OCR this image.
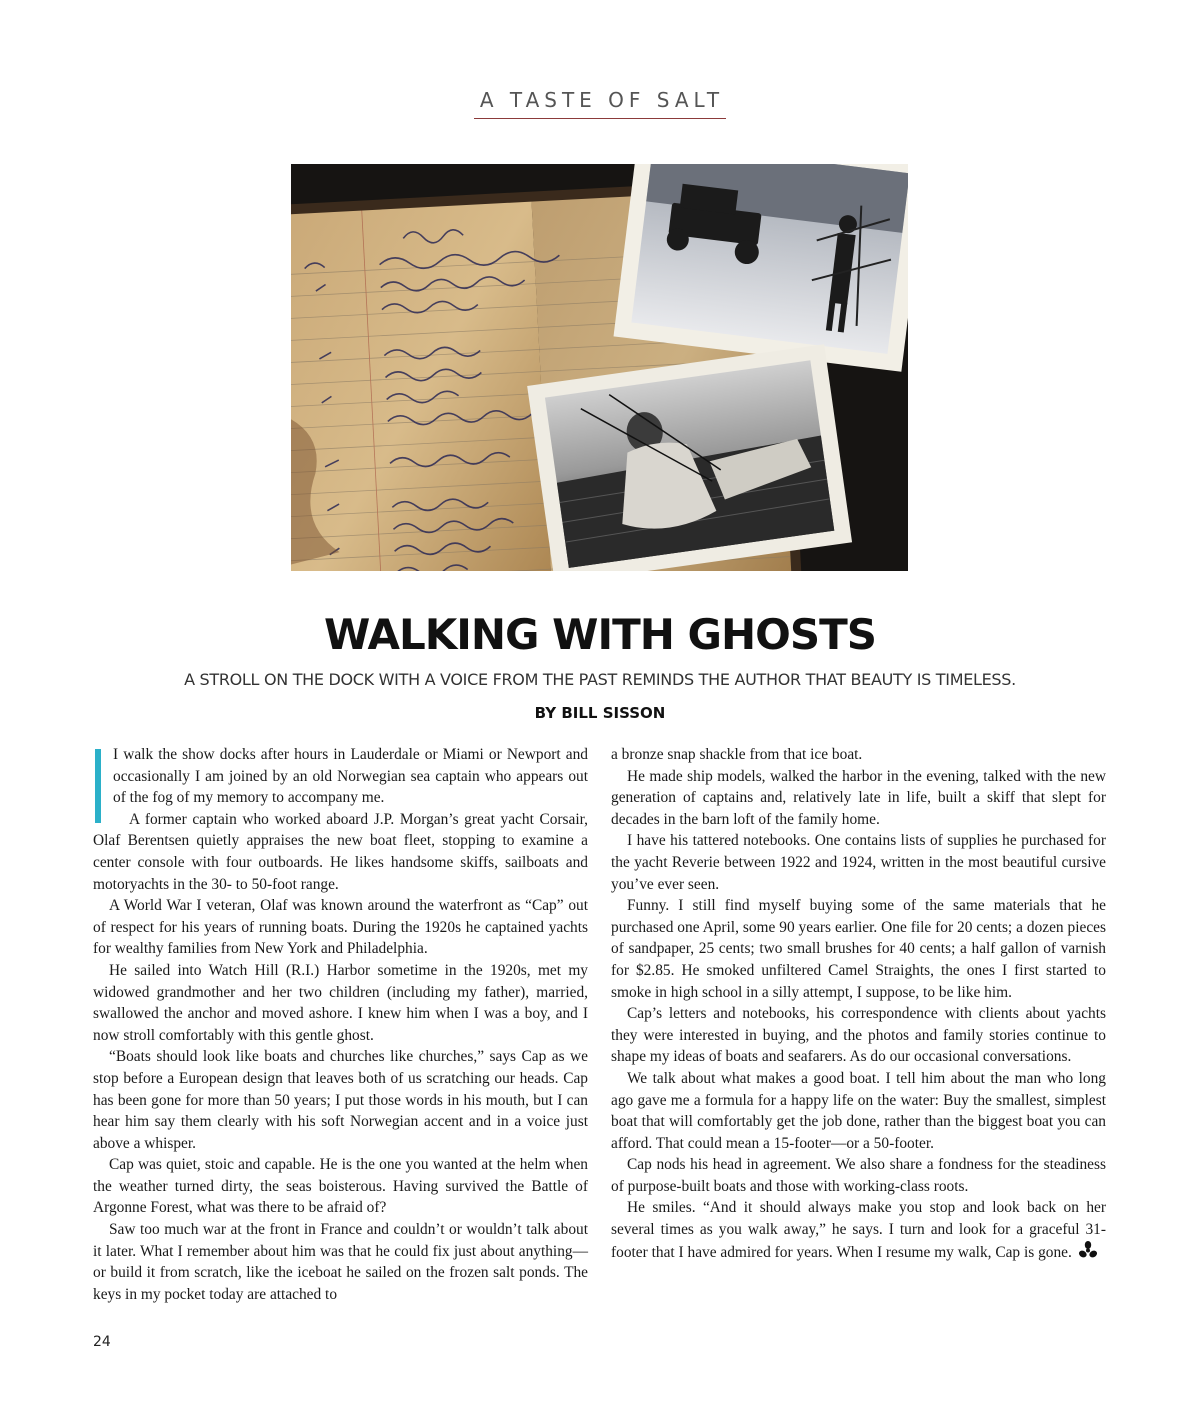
A TASTE OF SALT
WALKING WITH GHOSTS
A STROLL ON THE DOCK WITH A VOICE FROM THE PAST REMINDS THE AUTHOR THAT BEAUTY IS TIMELESS.
BY BILL SISSON

I walk the show docks after hours in Lauderdale or Miami or Newport and occasionally I am joined by an old Norwegian sea captain who appears out of the fog of my memory to accompany me.

A former captain who worked aboard J.P. Morgan’s great yacht Corsair, Olaf Berentsen quietly appraises the new boat fleet, stopping to examine a center console with four outboards. He likes handsome skiffs, sailboats and motoryachts in the 30- to 50-foot range.

A World War I veteran, Olaf was known around the waterfront as “Cap” out of respect for his years of running boats. During the 1920s he captained yachts for wealthy families from New York and Philadelphia.

He sailed into Watch Hill (R.I.) Harbor sometime in the 1920s, met my widowed grandmother and her two children (including my father), married, swallowed the anchor and moved ashore. I knew him when I was a boy, and I now stroll comfortably with this gentle ghost.

“Boats should look like boats and churches like churches,” says Cap as we stop before a European design that leaves both of us scratching our heads. Cap has been gone for more than 50 years; I put those words in his mouth, but I can hear him say them clearly with his soft Norwegian accent and in a voice just above a whisper.

Cap was quiet, stoic and capable. He is the one you wanted at the helm when the weather turned dirty, the seas boisterous. Having survived the Battle of Argonne Forest, what was there to be afraid of?

Saw too much war at the front in France and couldn’t or wouldn’t talk about it later. What I remember about him was that he could fix just about anything—or build it from scratch, like the iceboat he sailed on the frozen salt ponds. The keys in my pocket today are attached to

a bronze snap shackle from that ice boat.

He made ship models, walked the harbor in the evening, talked with the new generation of captains and, relatively late in life, built a skiff that slept for decades in the barn loft of the family home.

I have his tattered notebooks. One contains lists of supplies he purchased for the yacht Reverie between 1922 and 1924, written in the most beautiful cursive you’ve ever seen.

Funny. I still find myself buying some of the same materials that he purchased one April, some 90 years earlier. One file for 20 cents; a dozen pieces of sandpaper, 25 cents; two small brushes for 40 cents; a half gallon of varnish for $2.85. He smoked unfiltered Camel Straights, the ones I first started to smoke in high school in a silly attempt, I suppose, to be like him.

Cap’s letters and notebooks, his correspondence with clients about yachts they were interested in buying, and the photos and family stories continue to shape my ideas of boats and seafarers. As do our occasional conversations.

We talk about what makes a good boat. I tell him about the man who long ago gave me a formula for a happy life on the water: Buy the smallest, simplest boat that will comfortably get the job done, rather than the biggest boat you can afford. That could mean a 15-footer—or a 50-footer.

Cap nods his head in agreement. We also share a fondness for the steadiness of purpose-built boats and those with working-class roots.

He smiles. “And it should always make you stop and look back on her several times as you walk away,” he says. I turn and look for a graceful 31-footer that I have admired for years. When I resume my walk, Cap is gone.

24
